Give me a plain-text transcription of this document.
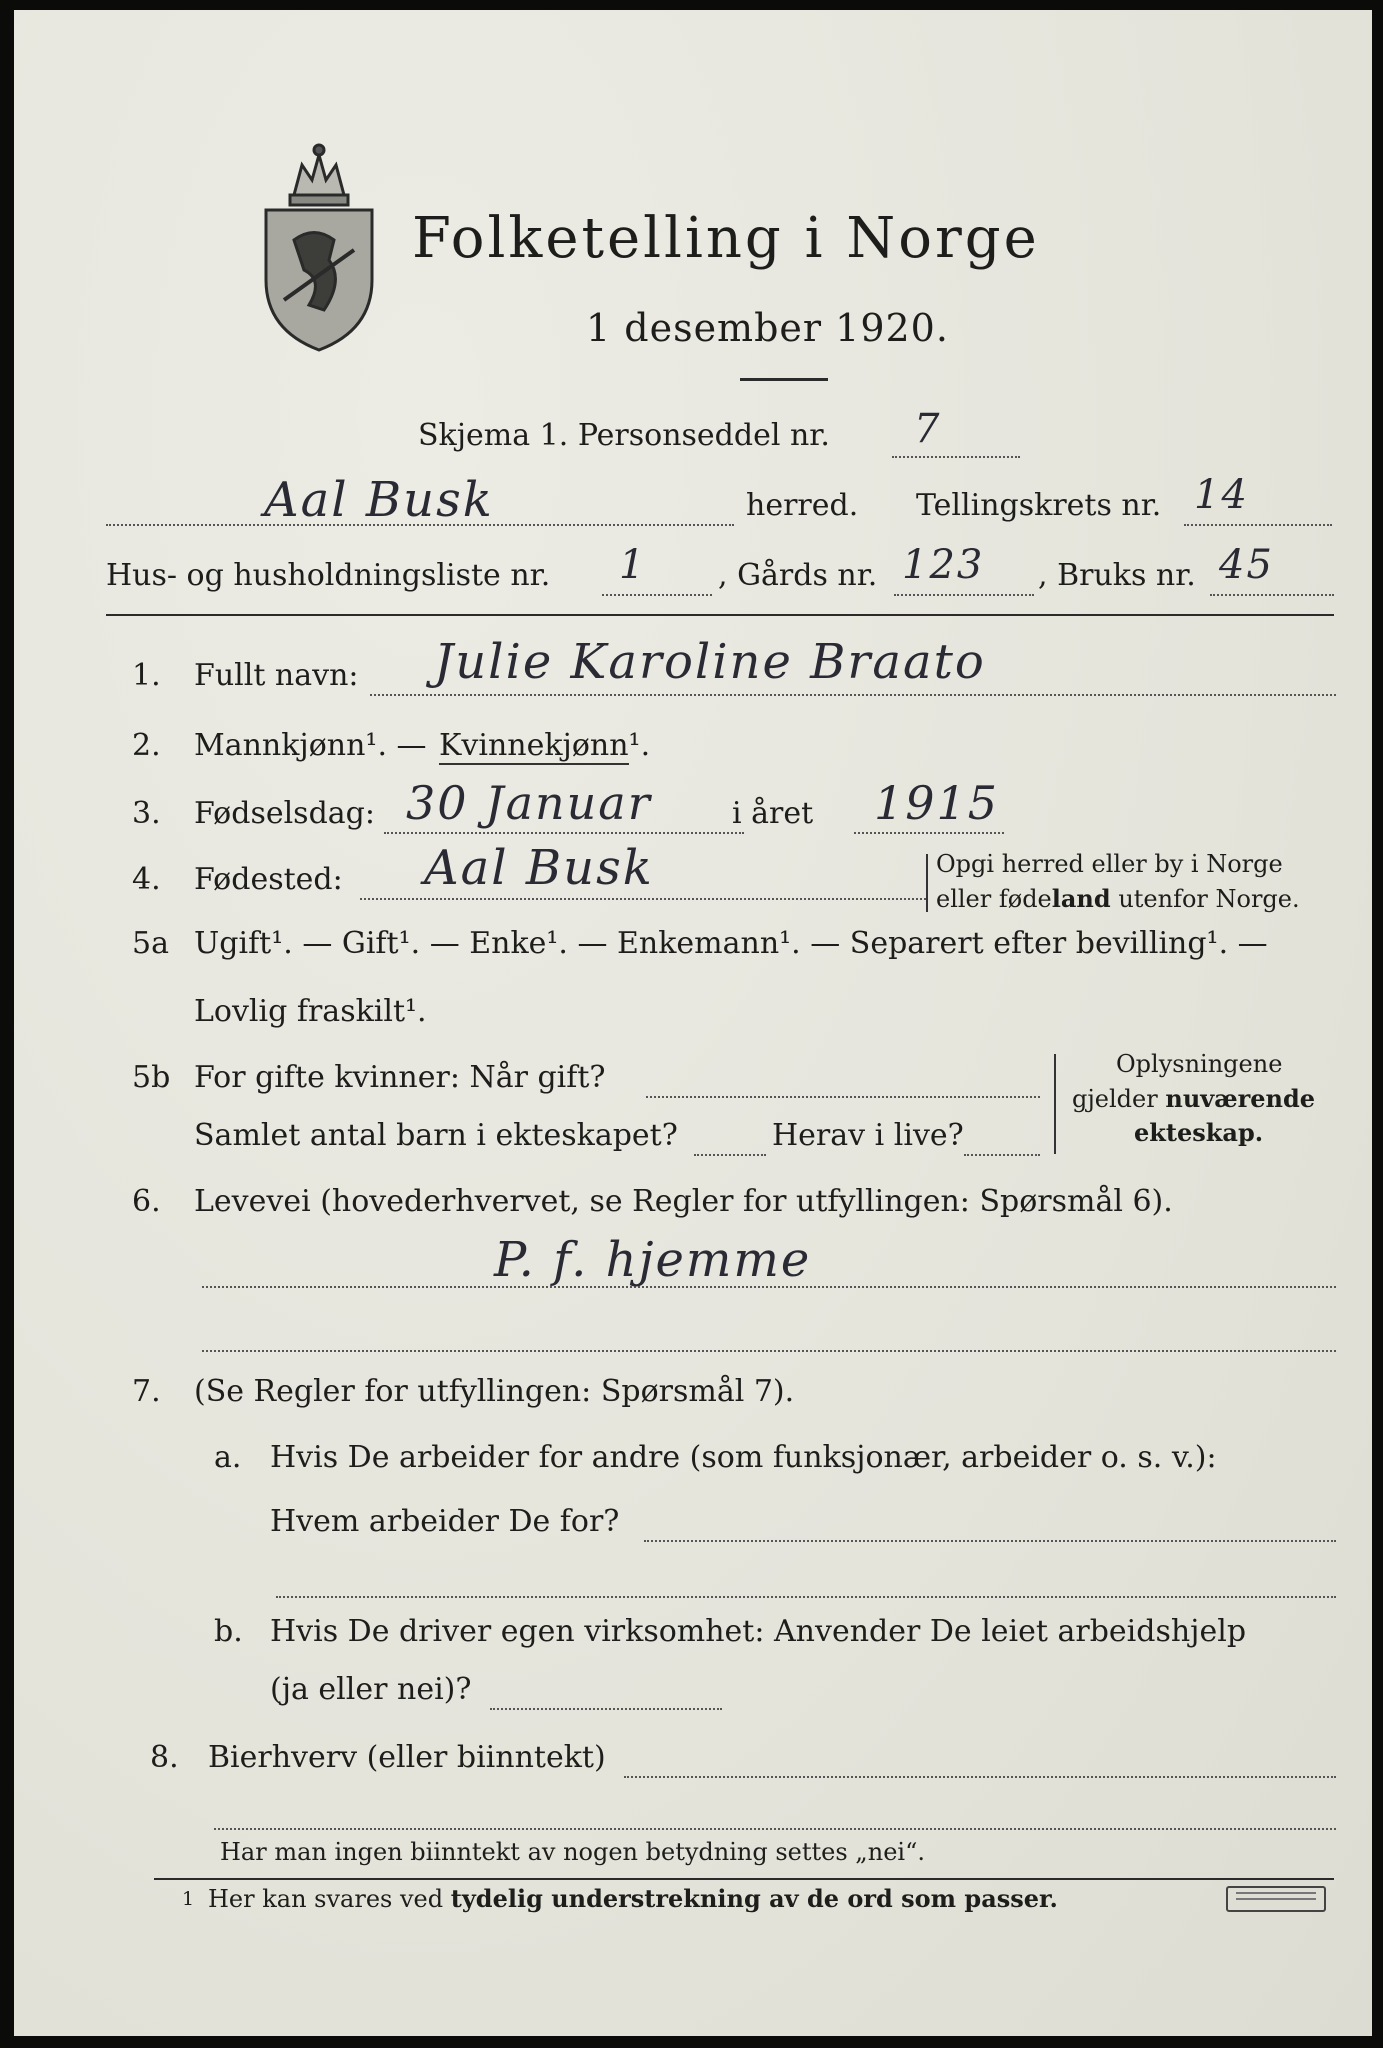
Folketelling i Norge
1 desember 1920.
Skjema 1. Personseddel nr. 7
Aal Busk	herred. Tellingskrets nr. 14
Hus- og husholdningsliste nr. 1 , Gårds nr. 123 , Bruks nr. 45
1. Fullt navn: Julie Karoline Braato
2. Mannkjønn¹. — Kvinnekjønn¹.
3. Fødselsdag: 30 Januar	i året 1915
4. Fødested: Aal Busk	Opgi herred eller by i Norge
eller fødeland utenfor Norge.
5a Ugift¹. — Gift¹. — Enke¹. — Enkemann¹. — Separert efter bevilling¹. —
Lovlig fraskilt¹.
5b For gifte kvinner: Når gift?
Samlet antal barn i ekteskapet?	Herav i live?
Oplysningene
gjelder nuværende
ekteskap.
6. Levevei (hovederhvervet, se Regler for utfyllingen: Spørsmål 6).
P. f. hjemme
7. (Se Regler for utfyllingen: Spørsmål 7).
a. Hvis De arbeider for andre (som funksjonær, arbeider o. s. v.):
Hvem arbeider De for?
b. Hvis De driver egen virksomhet: Anvender De leiet arbeidshjelp
(ja eller nei)?
8. Bierhverv (eller biinntekt)
Har man ingen biinntekt av nogen betydning settes „nei“.
1 Her kan svares ved tydelig understrekning av de ord som passer.
